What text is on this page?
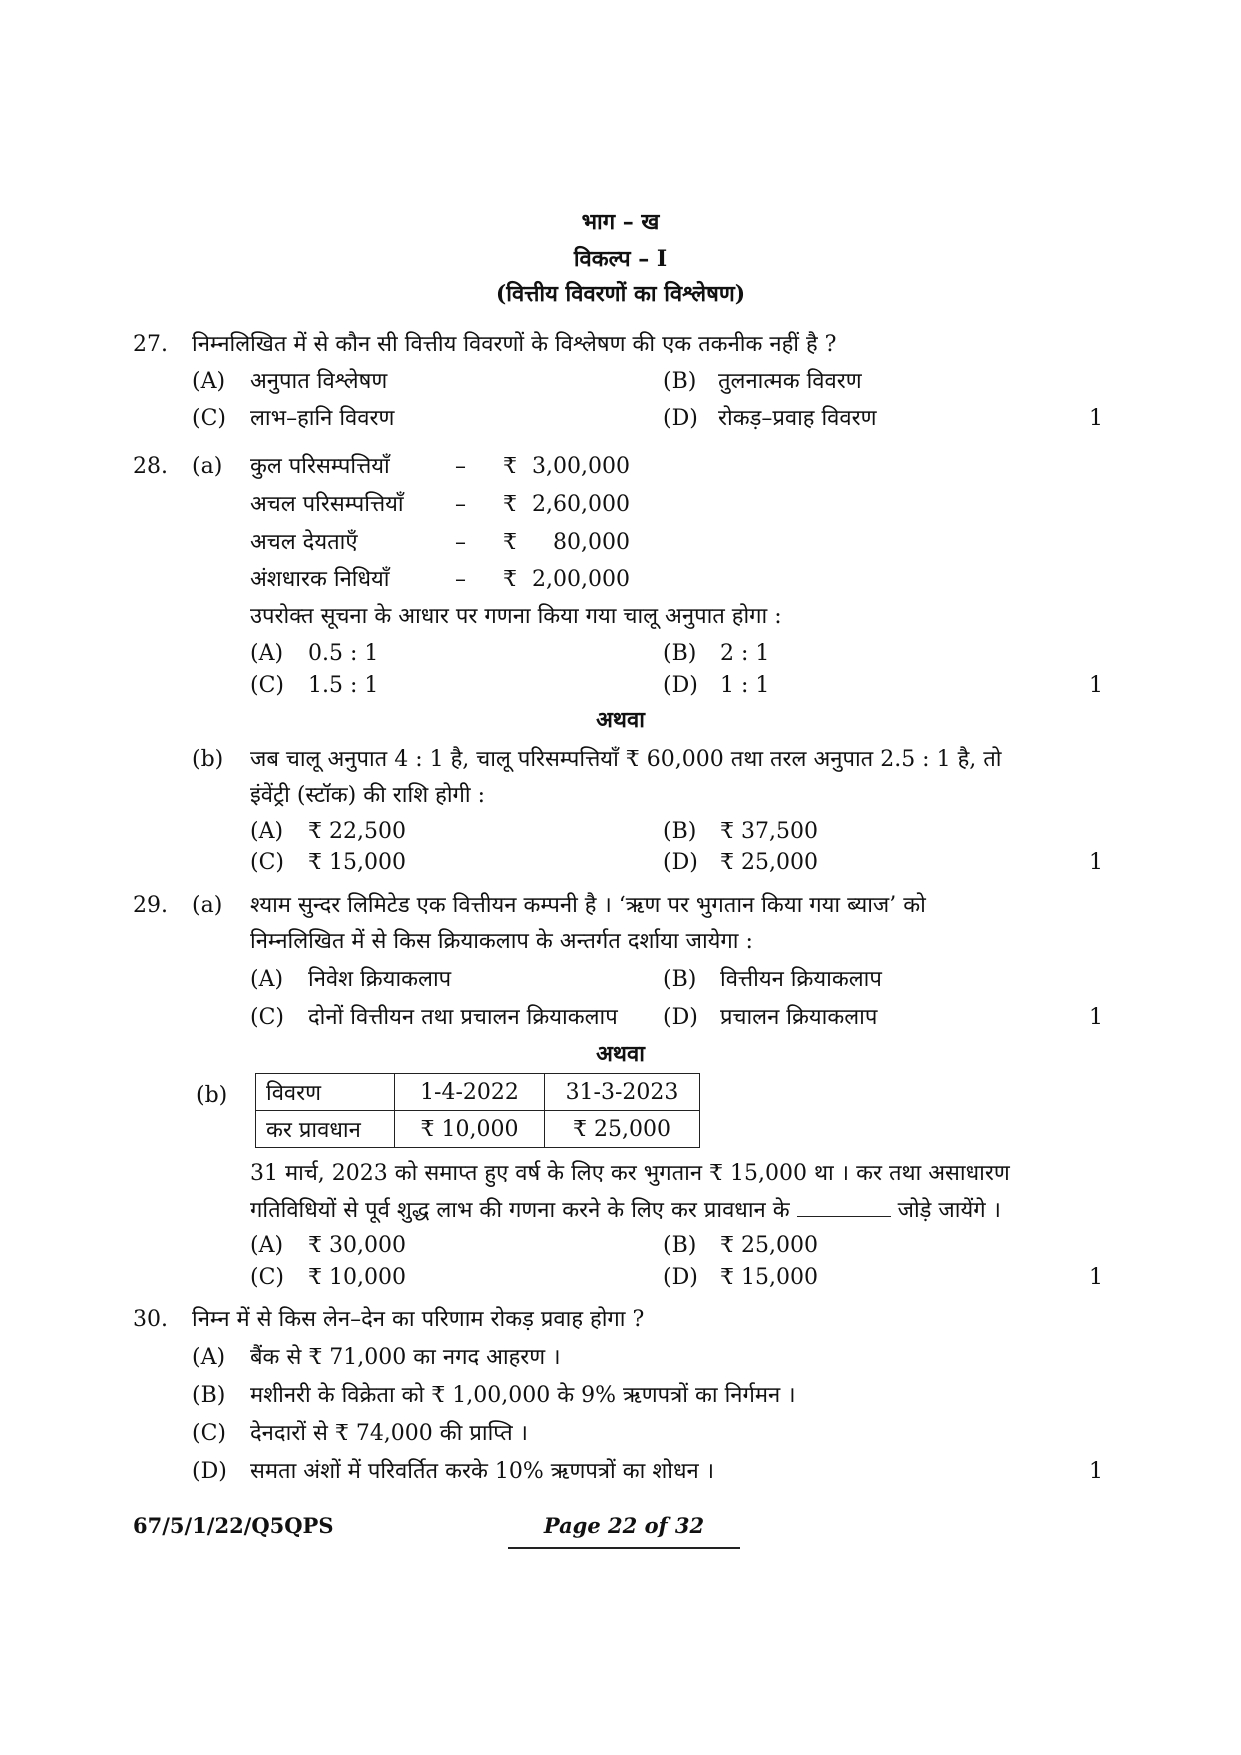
भाग – ख
विकल्प – I
(वित्तीय विवरणों का विश्लेषण)
27. निम्नलिखित में से कौन सी वित्तीय विवरणों के विश्लेषण की एक तकनीक नहीं है ?
(A) अनुपात विश्लेषण	(B) तुलनात्मक विवरण
(C) लाभ–हानि विवरण	(D) रोकड़–प्रवाह विवरण	1
28. (a) कुल परिसम्पत्तियाँ	– ₹ 3,00,000
अचल परिसम्पत्तियाँ – ₹ 2,60,000
अचल देयताएँ	– ₹	80,000
अंशधारक निधियाँ	– ₹ 2,00,000
उपरोक्त सूचना के आधार पर गणना किया गया चालू अनुपात होगा :
(A) 0.5 : 1	(B) 2 : 1
(C) 1.5 : 1	(D) 1 : 1	1
अथवा
(b) जब चालू अनुपात 4 : 1 है, चालू परिसम्पत्तियाँ ₹ 60,000 तथा तरल अनुपात 2.5 : 1 है, तो
इंवेंट्री (स्टॉक) की राशि होगी :
(A) ₹ 22,500	(B) ₹ 37,500
(C) ₹ 15,000	(D) ₹ 25,000	1
29. (a) श्याम सुन्दर लिमिटेड एक वित्तीयन कम्पनी है । ‘ऋण पर भुगतान किया गया ब्याज’ को
निम्नलिखित में से किस क्रियाकलाप के अन्तर्गत दर्शाया जायेगा :
(A) निवेश क्रियाकलाप	(B) वित्तीयन क्रियाकलाप
(C) दोनों वित्तीयन तथा प्रचालन क्रियाकलाप (D) प्रचालन क्रियाकलाप	1
अथवा
(b) विवरण	1-4-2022	31-3-2023
कर प्रावधान	₹ 10,000	₹ 25,000
31 मार्च, 2023 को समाप्त हुए वर्ष के लिए कर भुगतान ₹ 15,000 था । कर तथा असाधारण
गतिविधियों से पूर्व शुद्ध लाभ की गणना करने के लिए कर प्रावधान के	जोड़े जायेंगे ।
(A) ₹ 30,000	(B) ₹ 25,000
(C) ₹ 10,000	(D) ₹ 15,000	1
30. निम्न में से किस लेन–देन का परिणाम रोकड़ प्रवाह होगा ?
(A) बैंक से ₹ 71,000 का नगद आहरण ।
(B) मशीनरी के विक्रेता को ₹ 1,00,000 के 9% ऋणपत्रों का निर्गमन ।
(C) देनदारों से ₹ 74,000 की प्राप्ति ।
(D) समता अंशों में परिवर्तित करके 10% ऋणपत्रों का शोधन ।	1
67/5/1/22/Q5QPS	Page 22 of 32
